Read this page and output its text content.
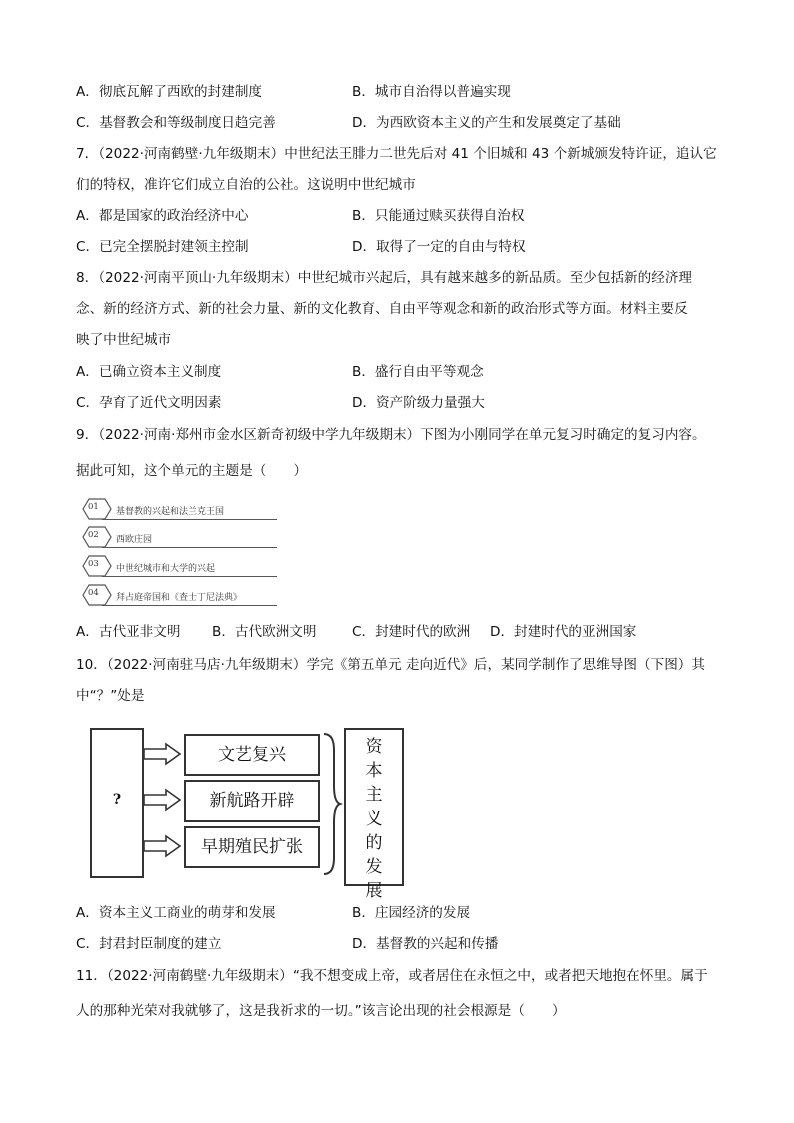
A．彻底瓦解了西欧的封建制度	B．城市自治得以普遍实现
C．基督教会和等级制度日趋完善	D．为西欧资本主义的产生和发展奠定了基础
7．（2022·河南鹤壁·九年级期末）中世纪法王腓力二世先后对 41 个旧城和 43 个新城颁发特许证，追认它
们的特权，准许它们成立自治的公社。这说明中世纪城市
A．都是国家的政治经济中心	B．只能通过赎买获得自治权
C．已完全摆脱封建领主控制	D．取得了一定的自由与特权
8．（2022·河南平顶山·九年级期末）中世纪城市兴起后，具有越来越多的新品质。至少包括新的经济理
念、新的经济方式、新的社会力量、新的文化教育、自由平等观念和新的政治形式等方面。材料主要反
映了中世纪城市
A．已确立资本主义制度	B．盛行自由平等观念
C．孕育了近代文明因素	D．资产阶级力量强大
9．（2022·河南·郑州市金水区新奇初级中学九年级期末）下图为小刚同学在单元复习时确定的复习内容。
据此可知，这个单元的主题是（　　）
01 基督教的兴起和法兰克王国
02 西欧庄园
03 中世纪城市和大学的兴起
04 拜占庭帝国和《查士丁尼法典》
A．古代亚非文明 B．古代欧洲文明	C．封建时代的欧洲 D．封建时代的亚洲国家
10．（2022·河南驻马店·九年级期末）学完《第五单元 走向近代》后，某同学制作了思维导图（下图）其
中“？”处是
?
文艺复兴
新航路开辟
早期殖民扩张
资
本
主
义
的
发
展
A．资本主义工商业的萌芽和发展	B．庄园经济的发展
C．封君封臣制度的建立	D．基督教的兴起和传播
11．（2022·河南鹤壁·九年级期末）“我不想变成上帝，或者居住在永恒之中，或者把天地抱在怀里。属于
人的那种光荣对我就够了，这是我祈求的一切。”该言论出现的社会根源是（　　）
